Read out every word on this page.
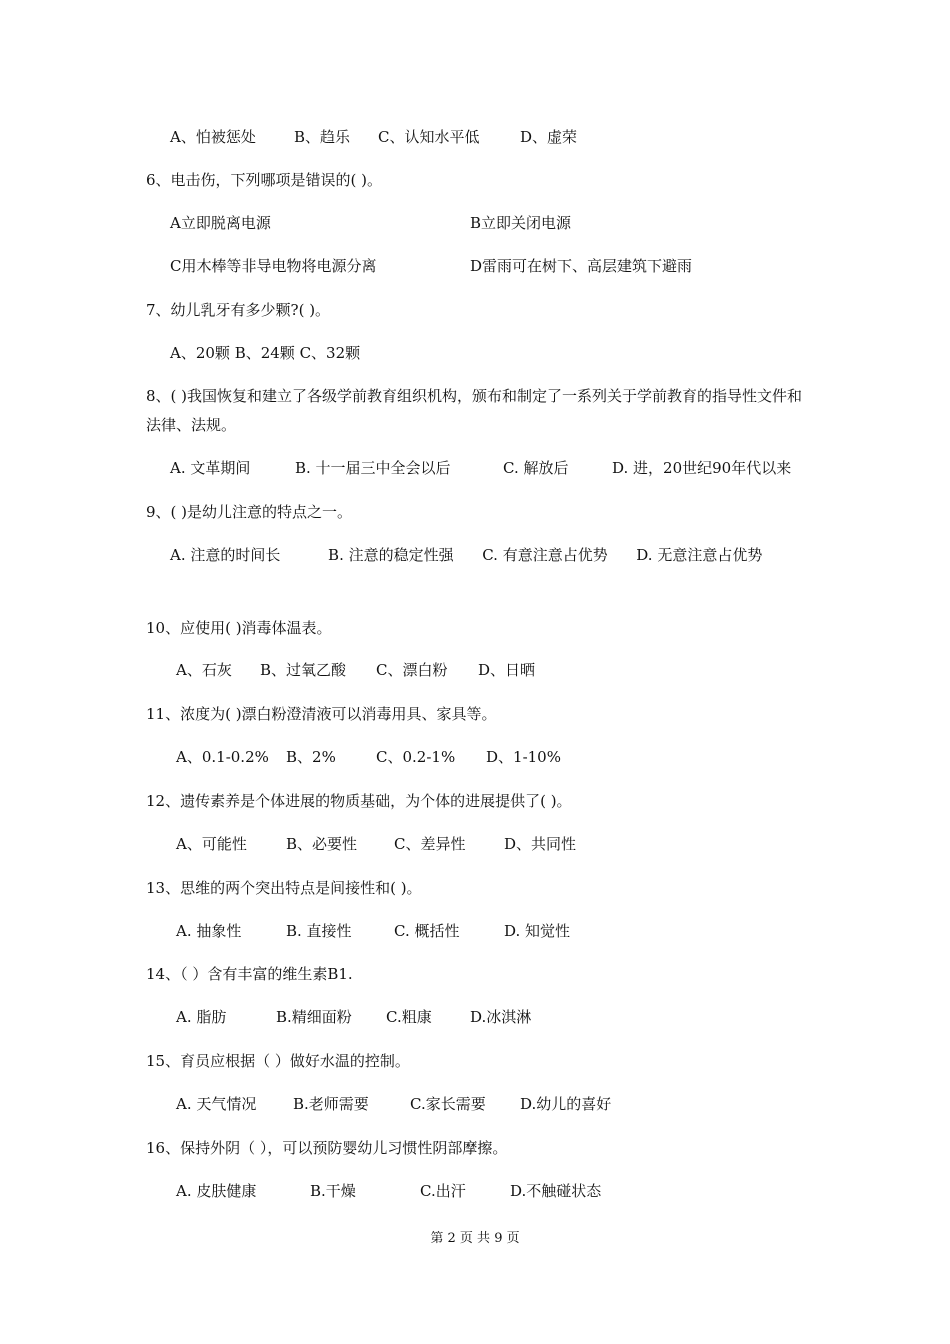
A、怕被惩处	B、趋乐 C、认知水平低	D、虚荣
6、电击伤，下列哪项是错误的( )。
A立即脱离电源	B立即关闭电源
C用木棒等非导电物将电源分离	D雷雨可在树下、高层建筑下避雨
7、幼儿乳牙有多少颗?( )。
A、20颗 B、24颗 C、32颗
8、( )我国恢复和建立了各级学前教育组织机构，颁布和制定了一系列关于学前教育的指导性文件和法律、法规。
A. 文革期间	B. 十一届三中全会以后	C. 解放后	D. 进，20世纪90年代以来
9、( )是幼儿注意的特点之一。
A. 注意的时间长          B. 注意的稳定性强      C. 有意注意占优势      D. 无意注意占优势
10、应使用( )消毒体温表。
A、石灰 B、过氧乙酸 C、漂白粉 D、日晒
11、浓度为( )漂白粉澄清液可以消毒用具、家具等。
A、0.1-0.2% B、2%	C、0.2-1% D、1-10%
12、遗传素养是个体进展的物质基础，为个体的进展提供了( )。
A、可能性	B、必要性 C、差异性	D、共同性
13、思维的两个突出特点是间接性和( )。
A. 抽象性	B. 直接性	C. 概括性	D. 知觉性
14、（ ）含有丰富的维生素B1.
A. 脂肪	B.精细面粉 C.粗康	D.冰淇淋
15、育员应根据（ ）做好水温的控制。
A. 天气情况 B.老师需要	C.家长需要 D.幼儿的喜好
16、保持外阴（ ），可以预防婴幼儿习惯性阴部摩擦。
A. 皮肤健康	B.干燥	C.出汗	D.不触碰状态
第 2 页 共 9 页
